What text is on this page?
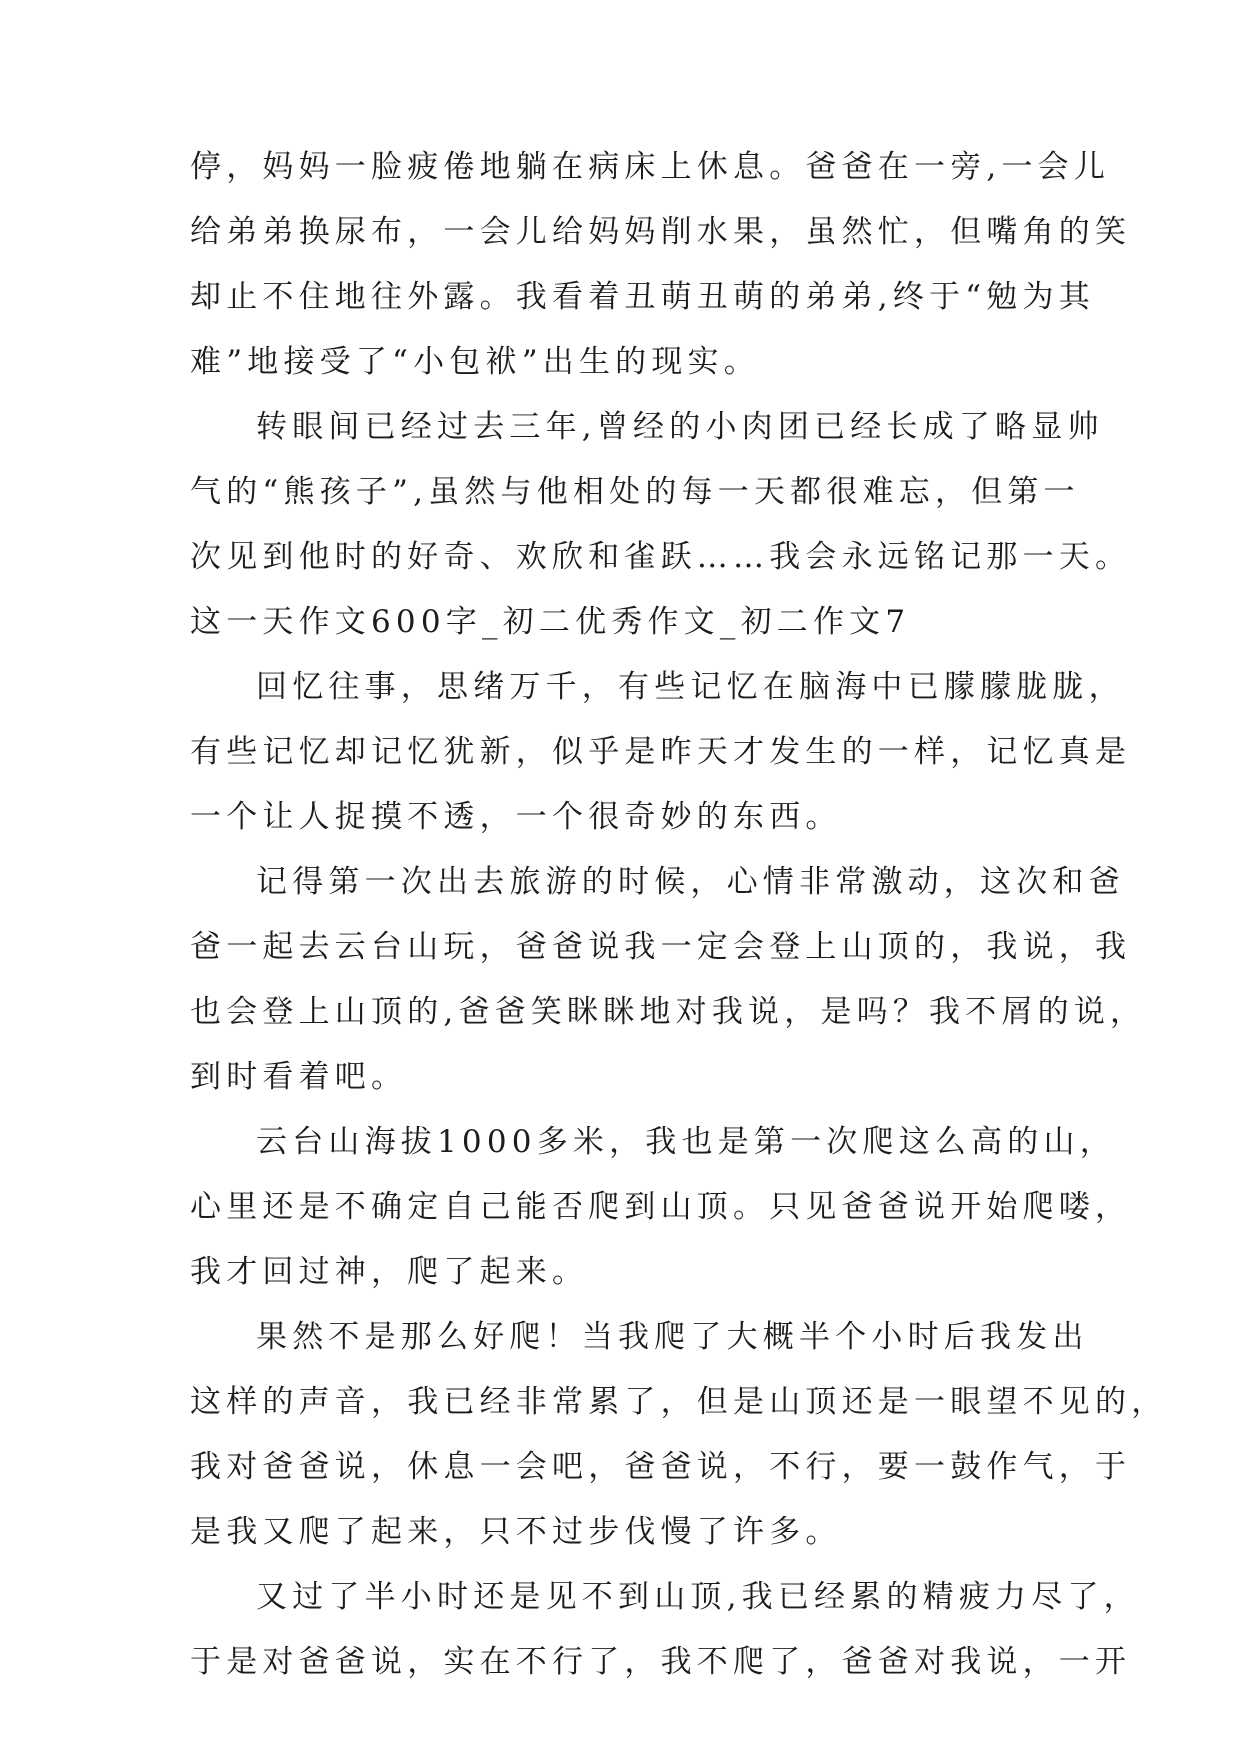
停，妈妈一脸疲倦地躺在病床上休息。爸爸在一旁,一会儿
给弟弟换尿布，一会儿给妈妈削水果，虽然忙，但嘴角的笑
却止不住地往外露。我看着丑萌丑萌的弟弟,终于“勉为其
难”地接受了“小包袱”出生的现实。
转眼间已经过去三年,曾经的小肉团已经长成了略显帅
气的“熊孩子”,虽然与他相处的每一天都很难忘，但第一
次见到他时的好奇、欢欣和雀跃……我会永远铭记那一天。
这一天作文600字_初二优秀作文_初二作文7
回忆往事，思绪万千，有些记忆在脑海中已朦朦胧胧，
有些记忆却记忆犹新，似乎是昨天才发生的一样，记忆真是
一个让人捉摸不透，一个很奇妙的东西。
记得第一次出去旅游的时候，心情非常激动，这次和爸
爸一起去云台山玩，爸爸说我一定会登上山顶的，我说，我
也会登上山顶的,爸爸笑眯眯地对我说，是吗？我不屑的说，
到时看着吧。
云台山海拔1000多米，我也是第一次爬这么高的山，
心里还是不确定自己能否爬到山顶。只见爸爸说开始爬喽，
我才回过神，爬了起来。
果然不是那么好爬！当我爬了大概半个小时后我发出
这样的声音，我已经非常累了，但是山顶还是一眼望不见的，
我对爸爸说，休息一会吧，爸爸说，不行，要一鼓作气，于
是我又爬了起来，只不过步伐慢了许多。
又过了半小时还是见不到山顶,我已经累的精疲力尽了，
于是对爸爸说，实在不行了，我不爬了，爸爸对我说，一开
